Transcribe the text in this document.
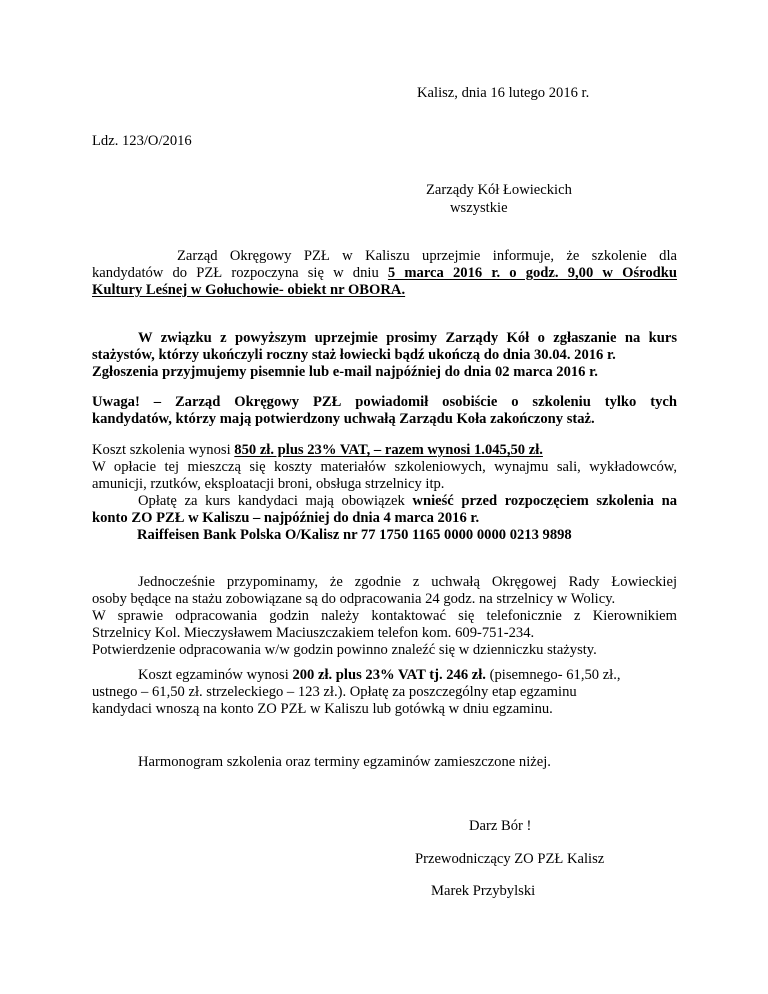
Kalisz, dnia 16 lutego 2016 r.
Ldz. 123/O/2016
Zarządy Kół Łowieckich
wszystkie
Zarząd Okręgowy PZŁ w Kaliszu uprzejmie informuje, że szkolenie dla
kandydatów do PZŁ rozpoczyna się w dniu 5 marca 2016 r. o godz. 9,00 w Ośrodku
Kultury Leśnej w Gołuchowie- obiekt nr OBORA.
W związku z powyższym uprzejmie prosimy Zarządy Kół o zgłaszanie na kurs
stażystów, którzy ukończyli roczny staż łowiecki bądź ukończą do dnia 30.04. 2016 r.
Zgłoszenia przyjmujemy pisemnie lub e-mail najpóźniej do dnia 02 marca 2016 r.
Uwaga! – Zarząd Okręgowy PZŁ powiadomił osobiście o szkoleniu tylko tych
kandydatów, którzy mają potwierdzony uchwałą Zarządu Koła zakończony staż.
Koszt szkolenia wynosi 850 zł. plus 23% VAT, – razem wynosi 1.045,50 zł.
W opłacie tej mieszczą się koszty materiałów szkoleniowych, wynajmu sali, wykładowców,
amunicji, rzutków, eksploatacji broni, obsługa strzelnicy itp.
Opłatę za kurs kandydaci mają obowiązek wnieść przed rozpoczęciem szkolenia na
konto ZO PZŁ w Kaliszu – najpóźniej do dnia 4 marca 2016 r.
Raiffeisen Bank Polska O/Kalisz nr 77 1750 1165 0000 0000 0213 9898
Jednocześnie przypominamy, że zgodnie z uchwałą Okręgowej Rady Łowieckiej
osoby będące na stażu zobowiązane są do odpracowania 24 godz. na strzelnicy w Wolicy.
W sprawie odpracowania godzin należy kontaktować się telefonicznie z Kierownikiem
Strzelnicy Kol. Mieczysławem Maciuszczakiem telefon kom. 609-751-234.
Potwierdzenie odpracowania w/w godzin powinno znaleźć się w dzienniczku stażysty.
Koszt egzaminów wynosi 200 zł. plus 23% VAT tj. 246 zł. (pisemnego- 61,50 zł.,
ustnego – 61,50 zł. strzeleckiego – 123 zł.). Opłatę za poszczególny etap egzaminu
kandydaci wnoszą na konto ZO PZŁ w Kaliszu lub gotówką w dniu egzaminu.
Harmonogram szkolenia oraz terminy egzaminów zamieszczone niżej.
Darz Bór !
Przewodniczący ZO PZŁ Kalisz
Marek Przybylski
